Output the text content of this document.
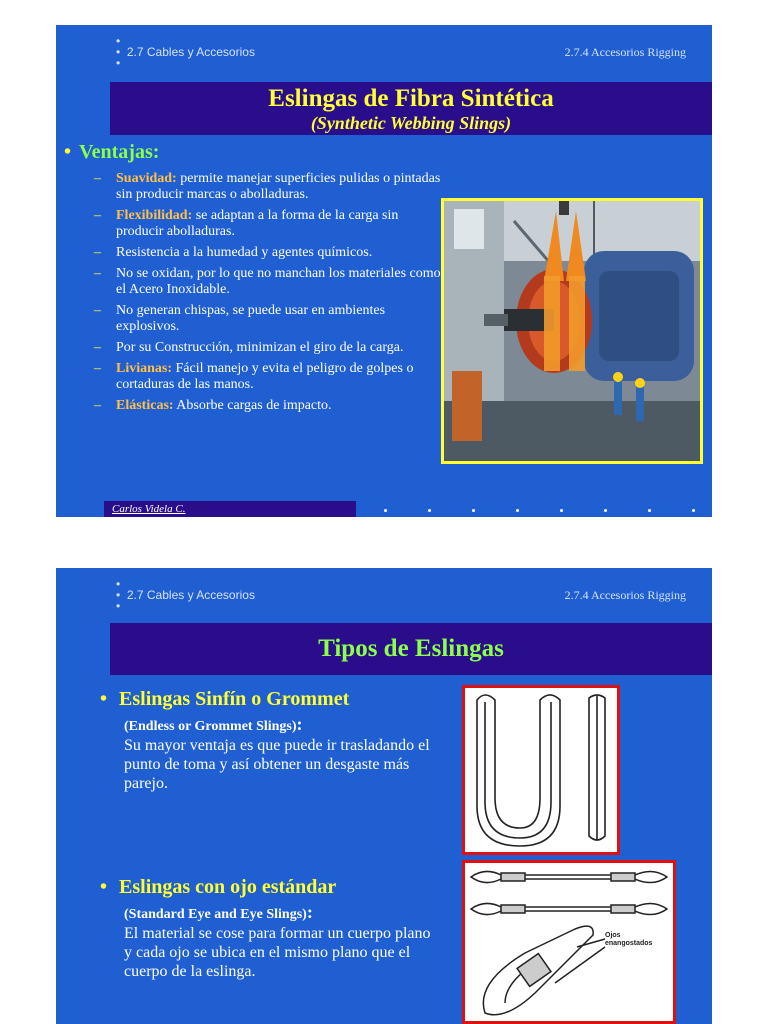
•
• 2.7 Cables y Accesorios
•
2.7.4 Accesorios Rigging
Eslingas de Fibra Sintética
(Synthetic Webbing Slings)
• Ventajas:
– Suavidad: permite manejar superficies pulidas o pintadas sin producir marcas o abolladuras.
– Flexibilidad: se adaptan a la forma de la carga sin producir abolladuras.
– Resistencia a la humedad y agentes químicos.
– No se oxidan, por lo que no manchan los materiales como el Acero Inoxidable.
– No generan chispas, se puede usar en ambientes explosivos.
– Por su Construcción, minimizan el giro de la carga.
– Livianas: Fácil manejo y evita el peligro de golpes o cortaduras de las manos.
– Elásticas: Absorbe cargas de impacto.
Carlos Videla C.
•
• 2.7 Cables y Accesorios
•
2.7.4 Accesorios Rigging
Tipos de Eslingas
• Eslingas Sinfín o Grommet
(Endless or Grommet Slings):
Su mayor ventaja es que puede ir trasladando el punto de toma y así obtener un desgaste más parejo.
• Eslingas con ojo estándar
(Standard Eye and Eye Slings):
El material se cose para formar un cuerpo plano y cada ojo se ubica en el mismo plano que el cuerpo de la eslinga.
Ojos
enangostados
